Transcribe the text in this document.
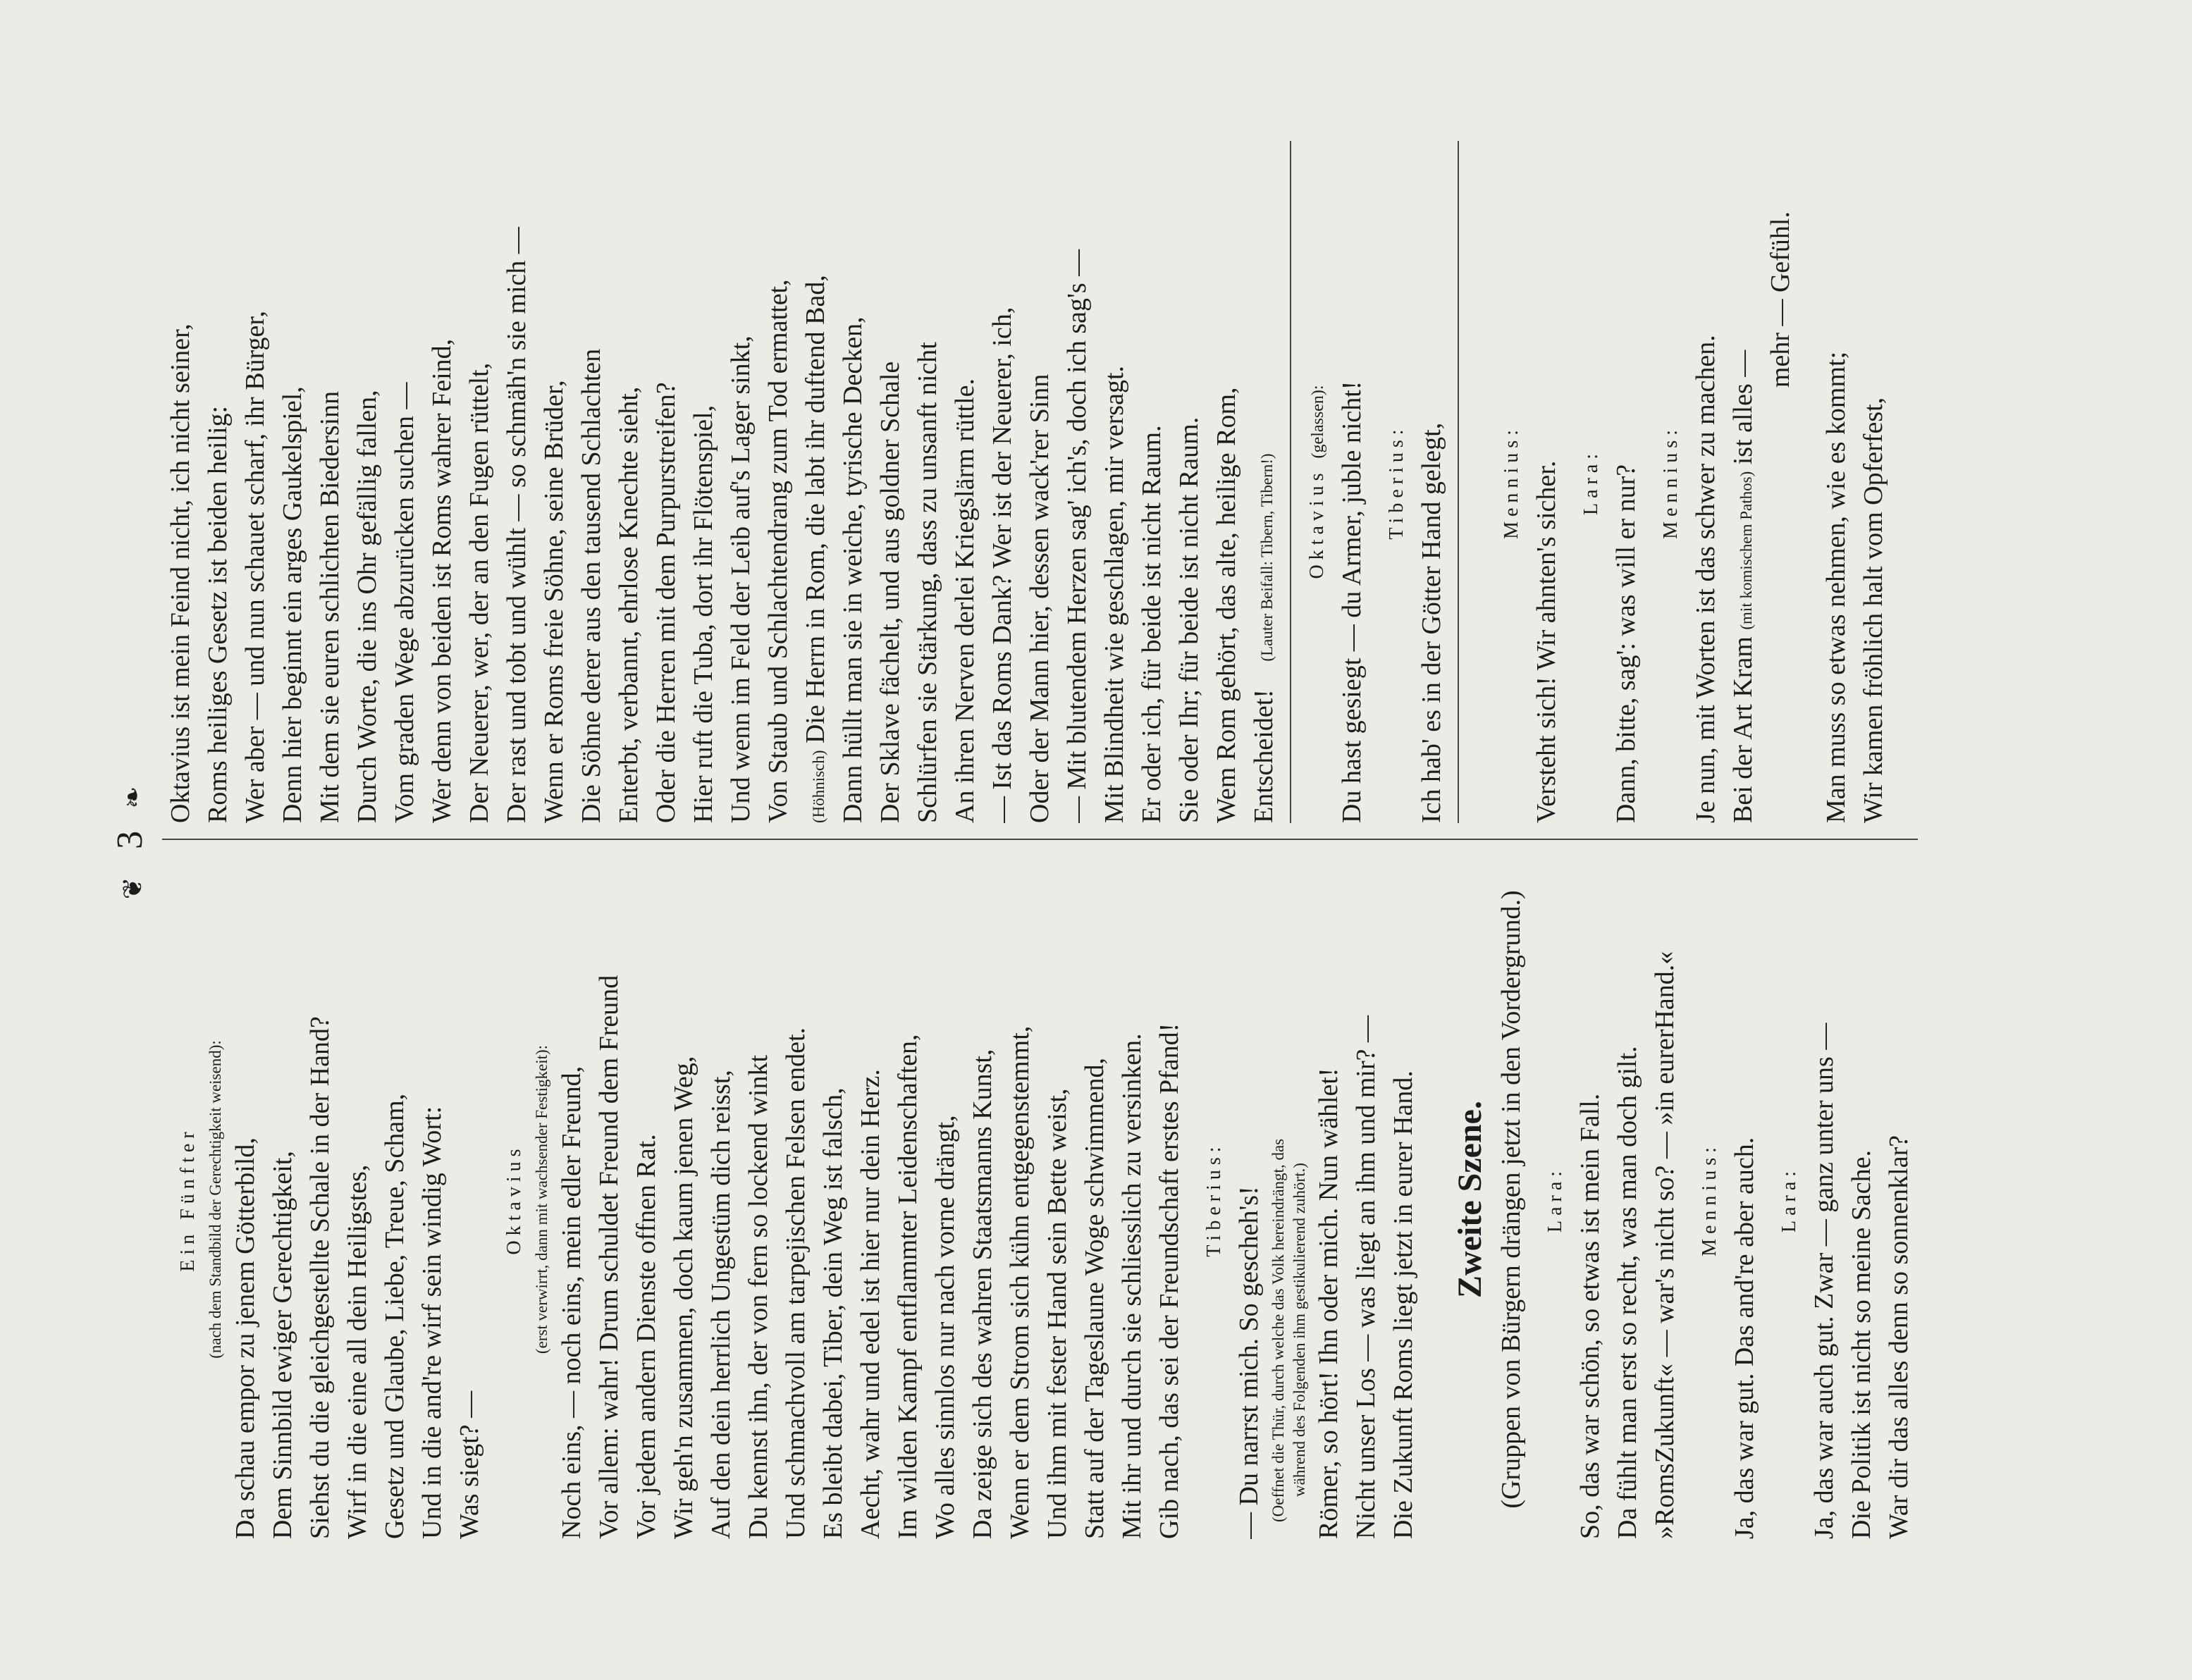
❦ 3 ❧
Ein Fünfter (nach dem Standbild der Gerechtigkeit weisend): Da schau empor zu jenem Götterbild, Dem Sinnbild ewiger Gerechtigkeit, Siehst du die gleichgestellte Schale in der Hand? Wirf in die eine all dein Heiligstes, Gesetz und Glaube, Liebe, Treue, Scham, Und in die and're wirf sein windig Wort: Was siegt? —
Oktavius (erst verwirrt, dann mit wachsender Festigkeit): Noch eins, — noch eins, mein edler Freund, Vor allem: wahr! Drum schuldet Freund dem Freund Vor jedem andern Dienste offnen Rat. Wir geh'n zusammen, doch kaum jenen Weg, Auf den dein herrlich Ungestüm dich reisst, Du kennst ihn, der von fern so lockend winkt Und schmachvoll am tarpejischen Felsen endet. Es bleibt dabei, Tiber, dein Weg ist falsch, Aecht, wahr und edel ist hier nur dein Herz. Im wilden Kampf entflammter Leidenschaften, Wo alles sinnlos nur nach vorne drängt, Da zeige sich des wahren Staatsmanns Kunst, Wenn er dem Strom sich kühn entgegenstemmt, Und ihm mit fester Hand sein Bette weist, Statt auf der Tageslaune Woge schwimmend, Mit ihr und durch sie schliesslich zu versinken. Gib nach, das sei der Freundschaft erstes Pfand! Tiberius: — Du narrst mich. So gescheh's! (Oeffnet die Thür, durch welche das Volk hereindrängt, das während des Folgenden ihm gestikulierend zuhört.) Römer, so hört! Ihn oder mich. Nun wählet! Nicht unser Los — was liegt an ihm und mir? — Die Zukunft Roms liegt jetzt in eurer Hand. Zweite Szene. (Gruppen von Bürgern drängen jetzt in den Vordergrund.) Lara: So, das war schön, so etwas ist mein Fall. Da fühlt man erst so recht, was man doch gilt. »RomsZukunft« — war's nicht so? — »in eurerHand.« Mennius: Ja, das war gut. Das and're aber auch. Lara: Ja, das war auch gut. Zwar — ganz unter uns — Die Politik ist nicht so meine Sache. War dir das alles denn so sonnenklar?
Oktavius ist mein Feind nicht, ich nicht seiner, Roms heiliges Gesetz ist beiden heilig: Wer aber — und nun schauet scharf, ihr Bürger, Denn hier beginnt ein arges Gaukelspiel, Mit dem sie euren schlichten Biedersinn Durch Worte, die ins Ohr gefällig fallen, Vom graden Wege abzurücken suchen — Wer denn von beiden ist Roms wahrer Feind, Der Neuerer, wer, der an den Fugen rüttelt, Der rast und tobt und wühlt — so schmäh'n sie mich — Wenn er Roms freie Söhne, seine Brüder, Die Söhne derer aus den tausend Schlachten Enterbt, verbannt, ehrlose Knechte sieht, Oder die Herren mit dem Purpurstreifen? Hier ruft die Tuba, dort ihr Flötenspiel, Und wenn im Feld der Leib auf's Lager sinkt, Von Staub und Schlachtendrang zum Tod ermattet,	(Höhnisch) Die Herrn in Rom, die labt ihr duftend Bad, Dann hüllt man sie in weiche, tyrische Decken, Der Sklave fächelt, und aus goldner Schale Schlürfen sie Stärkung, dass zu unsanft nicht An ihren Nerven derlei Kriegslärm rüttle. — Ist das Roms Dank? Wer ist der Neuerer, ich, Oder der Mann hier, dessen wack'rer Sinn — Mit blutendem Herzen sag' ich's, doch ich sag's — Mit Blindheit wie geschlagen, mir versagt. Er oder ich, für beide ist nicht Raum. Sie oder Ihr; für beide ist nicht Raum. Wem Rom gehört, das alte, heilige Rom, Entscheidet! (Lauter Beifall: Tibern, Tibern!)	Oktavius (gelassen): Du hast gesiegt — du Armer, juble nicht! Tiberius: Ich hab' es in der Götter Hand gelegt,	Mennius: Versteht sich! Wir ahnten's sicher. Lara: Dann, bitte, sag': was will er nur? Mennius: Je nun, mit Worten ist das schwer zu machen. Bei der Art Kram (mit komischem Pathos) ist alles —
mehr — Gefühl.
Man muss so etwas nehmen, wie es kommt; Wir kamen fröhlich halt vom Opferfest,
